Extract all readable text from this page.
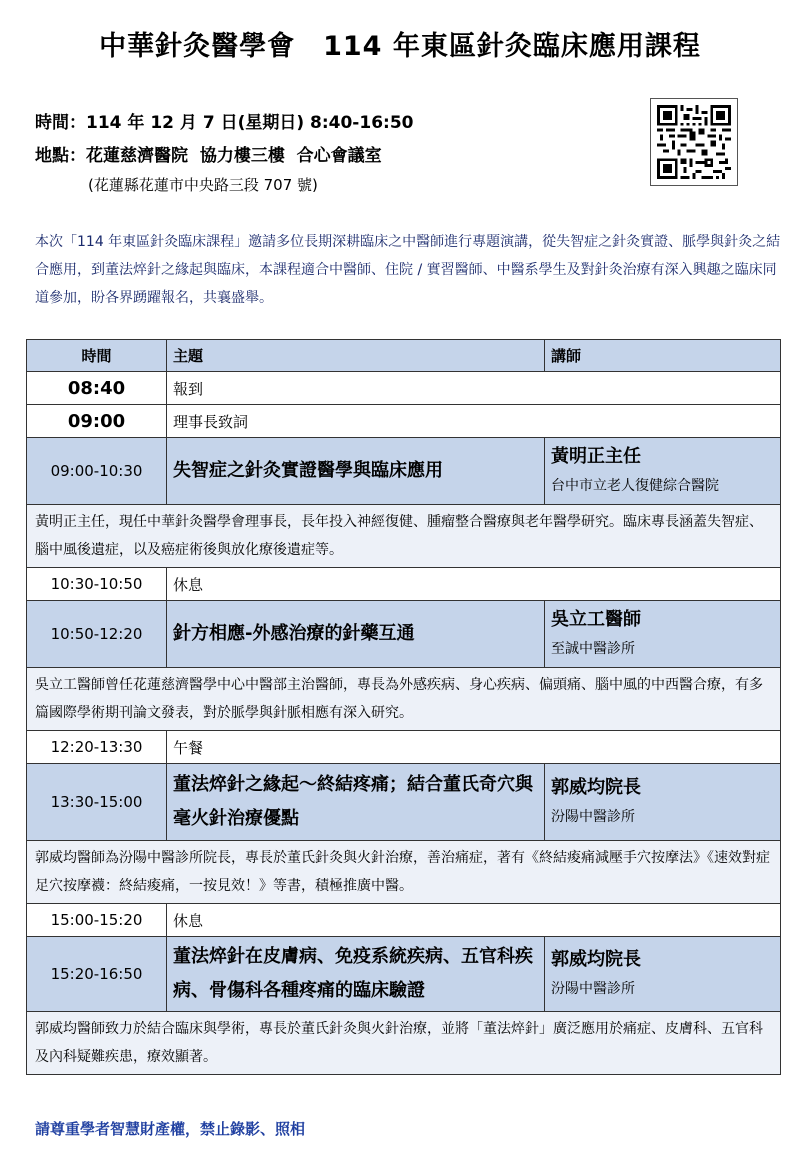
中華針灸醫學會　114 年東區針灸臨床應用課程
時間：114 年 12 月 7 日(星期日) 8:40-16:50
地點：花蓮慈濟醫院  協力樓三樓  合心會議室
(花蓮縣花蓮市中央路三段 707 號)
本次「114 年東區針灸臨床課程」邀請多位長期深耕臨床之中醫師進行專題演講，從失智症之針灸實證、脈學與針灸之結合應用，到董法焠針之緣起與臨床，本課程適合中醫師、住院 / 實習醫師、中醫系學生及對針灸治療有深入興趣之臨床同道參加，盼各界踴躍報名，共襄盛舉。
時間	主題	講師
08:40	報到	
09:00	理事長致詞	
09:00-10:30	失智症之針灸實證醫學與臨床應用	黃明正主任
台中市立老人復健綜合醫院

黃明正主任，現任中華針灸醫學會理事長，長年投入神經復健、腫瘤整合醫療與老年醫學研究。臨床專長涵蓋失智症、腦中風後遺症，以及癌症術後與放化療後遺症等。		
10:30-10:50	休息	
10:50-12:20	針方相應-外感治療的針藥互通	吳立工醫師
至誠中醫診所

吳立工醫師曾任花蓮慈濟醫學中心中醫部主治醫師，專長為外感疾病、身心疾病、偏頭痛、腦中風的中西醫合療，有多篇國際學術期刊論文發表，對於脈學與針脈相應有深入研究。		
12:20-13:30	午餐	
13:30-15:00	董法焠針之緣起～終結疼痛；結合董氏奇穴與毫火針治療優點	郭威均院長
汾陽中醫診所

郭威均醫師為汾陽中醫診所院長，專長於董氏針灸與火針治療，善治痛症，著有《終結痠痛減壓手穴按摩法》《速效對症足穴按摩襪：終結痠痛，一按見效！》等書，積極推廣中醫。		
15:00-15:20	休息	
15:20-16:50	董法焠針在皮膚病、免疫系統疾病、五官科疾病、骨傷科各種疼痛的臨床驗證	郭威均院長
汾陽中醫診所

郭威均醫師致力於結合臨床與學術，專長於董氏針灸與火針治療，並將「董法焠針」廣泛應用於痛症、皮膚科、五官科及內科疑難疾患，療效顯著。		
請尊重學者智慧財產權，禁止錄影、照相
